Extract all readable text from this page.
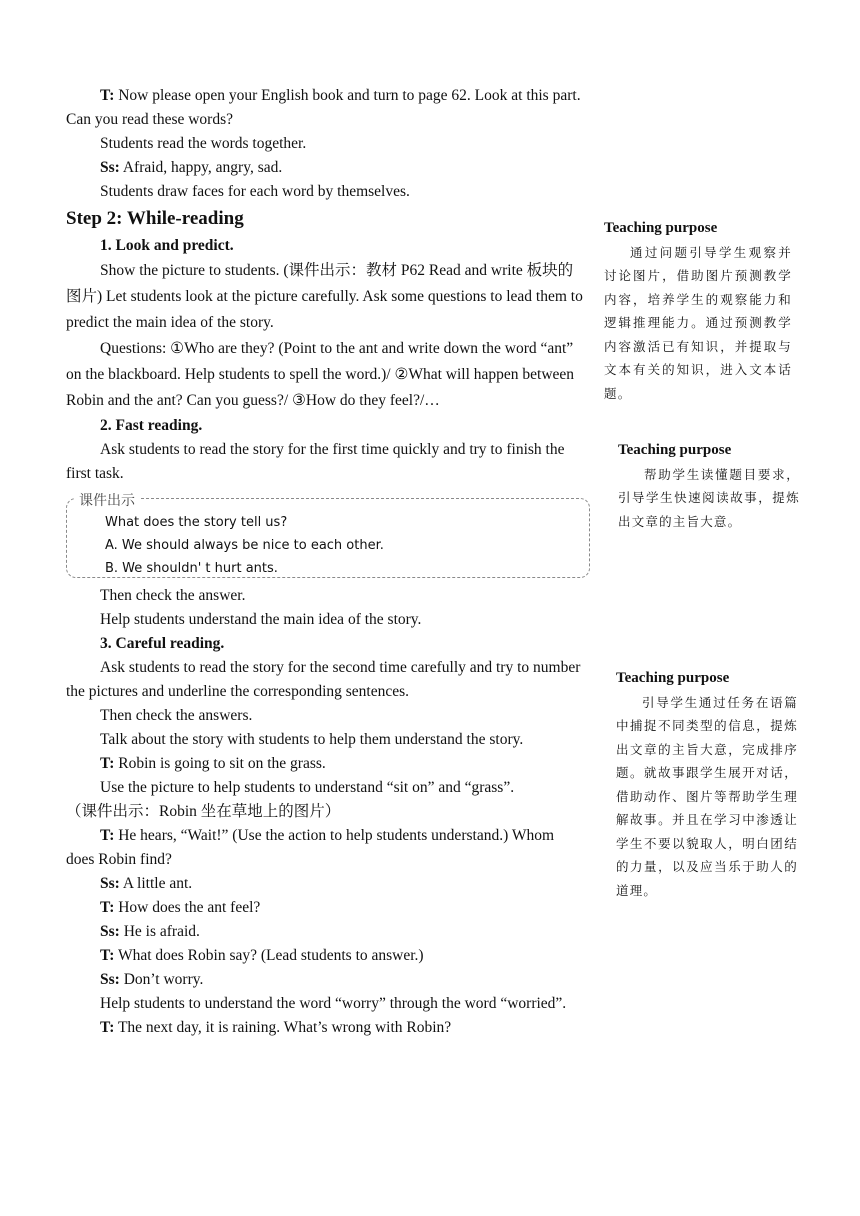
T: Now please open your English book and turn to page 62. Look at this part. Can you read these words?

Students read the words together.

Ss: Afraid, happy, angry, sad.

Students draw faces for each word by themselves.

Step 2: While-reading

1. Look and predict.

Show the picture to students. (课件出示：教材 P62 Read and write 板块的图片) Let students look at the picture carefully. Ask some questions to lead them to predict the main idea of the story.

Questions: ①Who are they? (Point to the ant and write down the word “ant” on the blackboard. Help students to spell the word.)/ ②What will happen between Robin and the ant? Can you guess?/ ③How do they feel?/…

2. Fast reading.

Ask students to read the story for the first time quickly and try to finish the first task.

课件出示
What does the story tell us?
A. We should always be nice to each other.
B. We shouldn' t hurt ants.

Then check the answer.

Help students understand the main idea of the story.

3. Careful reading.

Ask students to read the story for the second time carefully and try to number the pictures and underline the corresponding sentences.

Then check the answers.

Talk about the story with students to help them understand the story.

T: Robin is going to sit on the grass.

Use the picture to help students to understand “sit on” and “grass”.

（课件出示：Robin 坐在草地上的图片）

T: He hears, “Wait!” (Use the action to help students understand.) Whom does Robin find?

Ss: A little ant.

T: How does the ant feel?

Ss: He is afraid.

T: What does Robin say? (Lead students to answer.)

Ss: Don’t worry.

Help students to understand the word “worry” through the word “worried”.

T: The next day, it is raining. What’s wrong with Robin?

Teaching purpose
通过问题引导学生观察并讨论图片，借助图片预测教学内容，培养学生的观察能力和逻辑推理能力。通过预测教学内容激活已有知识，并提取与文本有关的知识，进入文本话题。
Teaching purpose
帮助学生读懂题目要求，引导学生快速阅读故事，提炼出文章的主旨大意。
Teaching purpose
引导学生通过任务在语篇中捕捉不同类型的信息，提炼出文章的主旨大意，完成排序题。就故事跟学生展开对话，借助动作、图片等帮助学生理解故事。并且在学习中渗透让学生不要以貌取人，明白团结的力量，以及应当乐于助人的道理。
